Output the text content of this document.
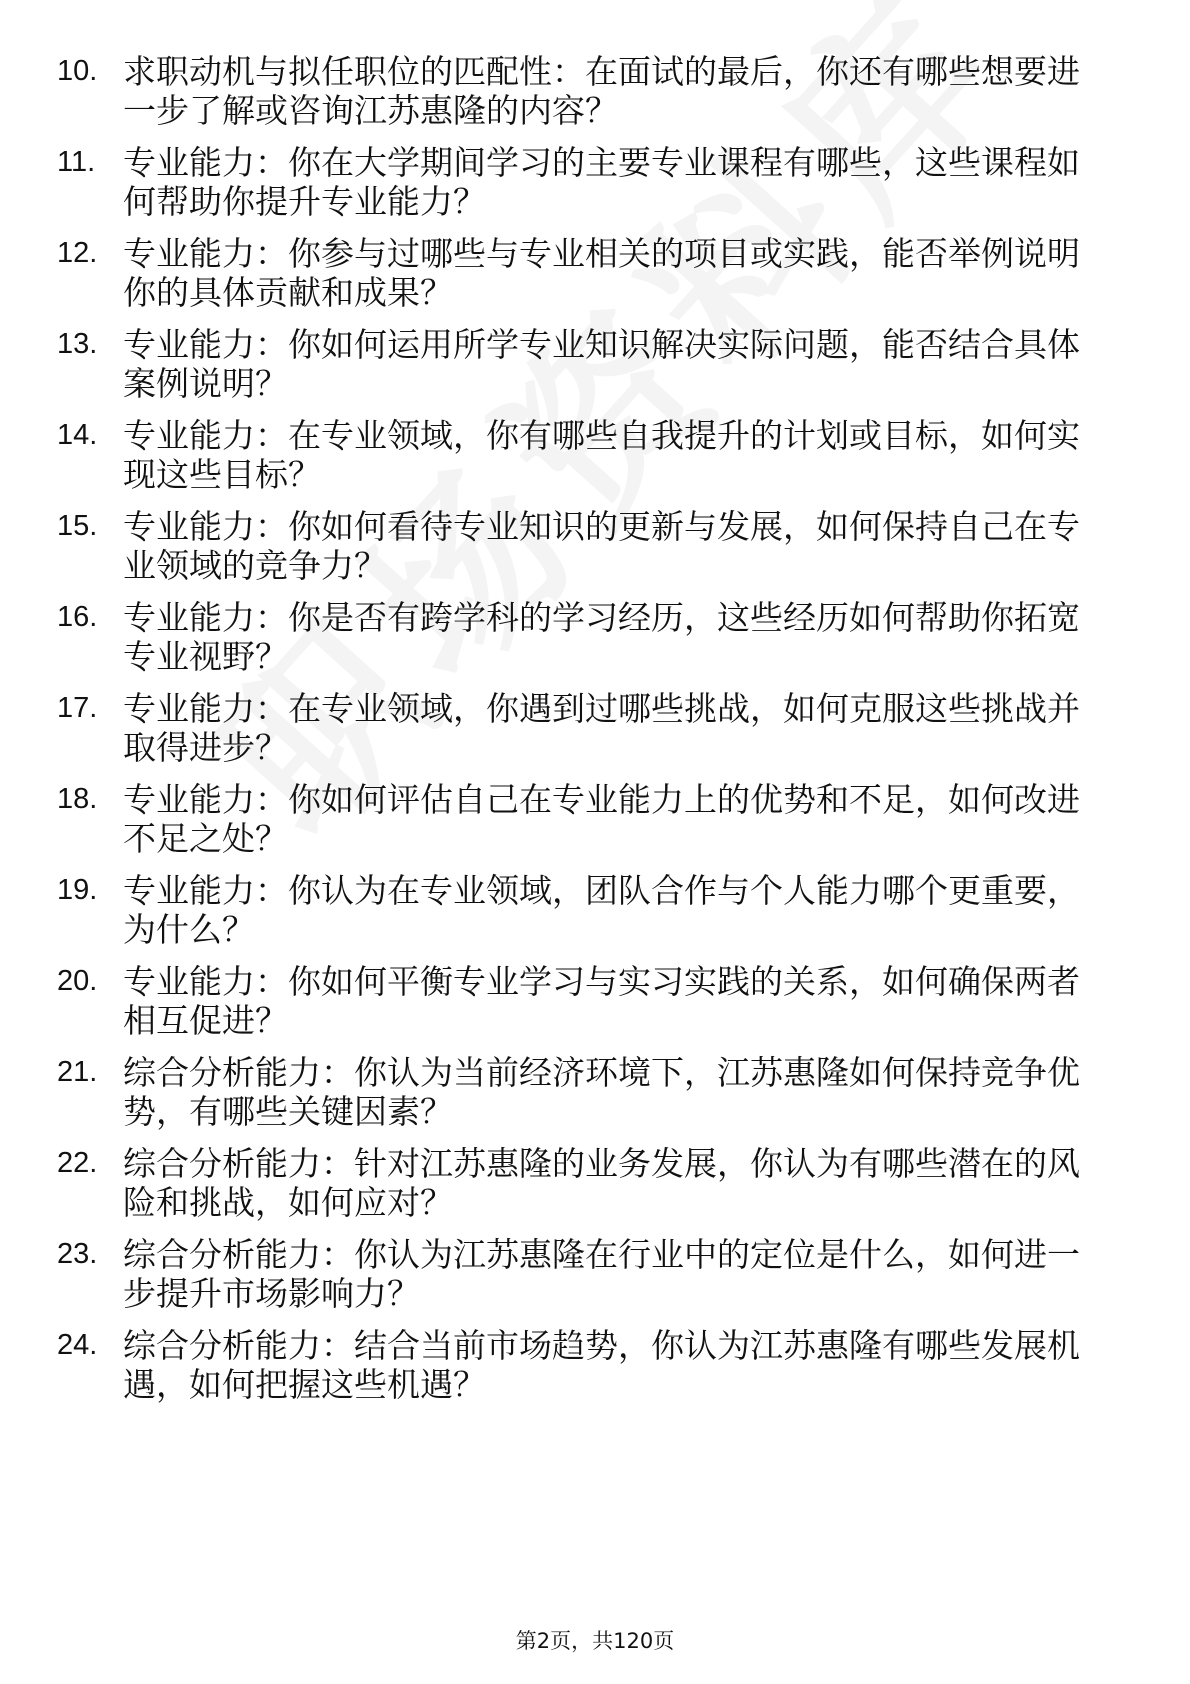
10. 求职动机与拟任职位的匹配性：在面试的最后，你还有哪些想要进一步了解或咨询江苏惠隆的内容？
11. 专业能力：你在大学期间学习的主要专业课程有哪些，这些课程如何帮助你提升专业能力？
12. 专业能力：你参与过哪些与专业相关的项目或实践，能否举例说明你的具体贡献和成果？
13. 专业能力：你如何运用所学专业知识解决实际问题，能否结合具体案例说明？
14. 专业能力：在专业领域，你有哪些自我提升的计划或目标，如何实现这些目标？
15. 专业能力：你如何看待专业知识的更新与发展，如何保持自己在专业领域的竞争力？
16. 专业能力：你是否有跨学科的学习经历，这些经历如何帮助你拓宽专业视野？
17. 专业能力：在专业领域，你遇到过哪些挑战，如何克服这些挑战并取得进步？
18. 专业能力：你如何评估自己在专业能力上的优势和不足，如何改进不足之处？
19. 专业能力：你认为在专业领域，团队合作与个人能力哪个更重要，为什么？
20. 专业能力：你如何平衡专业学习与实习实践的关系，如何确保两者相互促进？
21. 综合分析能力：你认为当前经济环境下，江苏惠隆如何保持竞争优势，有哪些关键因素？
22. 综合分析能力：针对江苏惠隆的业务发展，你认为有哪些潜在的风险和挑战，如何应对？
23. 综合分析能力：你认为江苏惠隆在行业中的定位是什么，如何进一步提升市场影响力？
24. 综合分析能力：结合当前市场趋势，你认为江苏惠隆有哪些发展机遇，如何把握这些机遇？
第2页，共120页
